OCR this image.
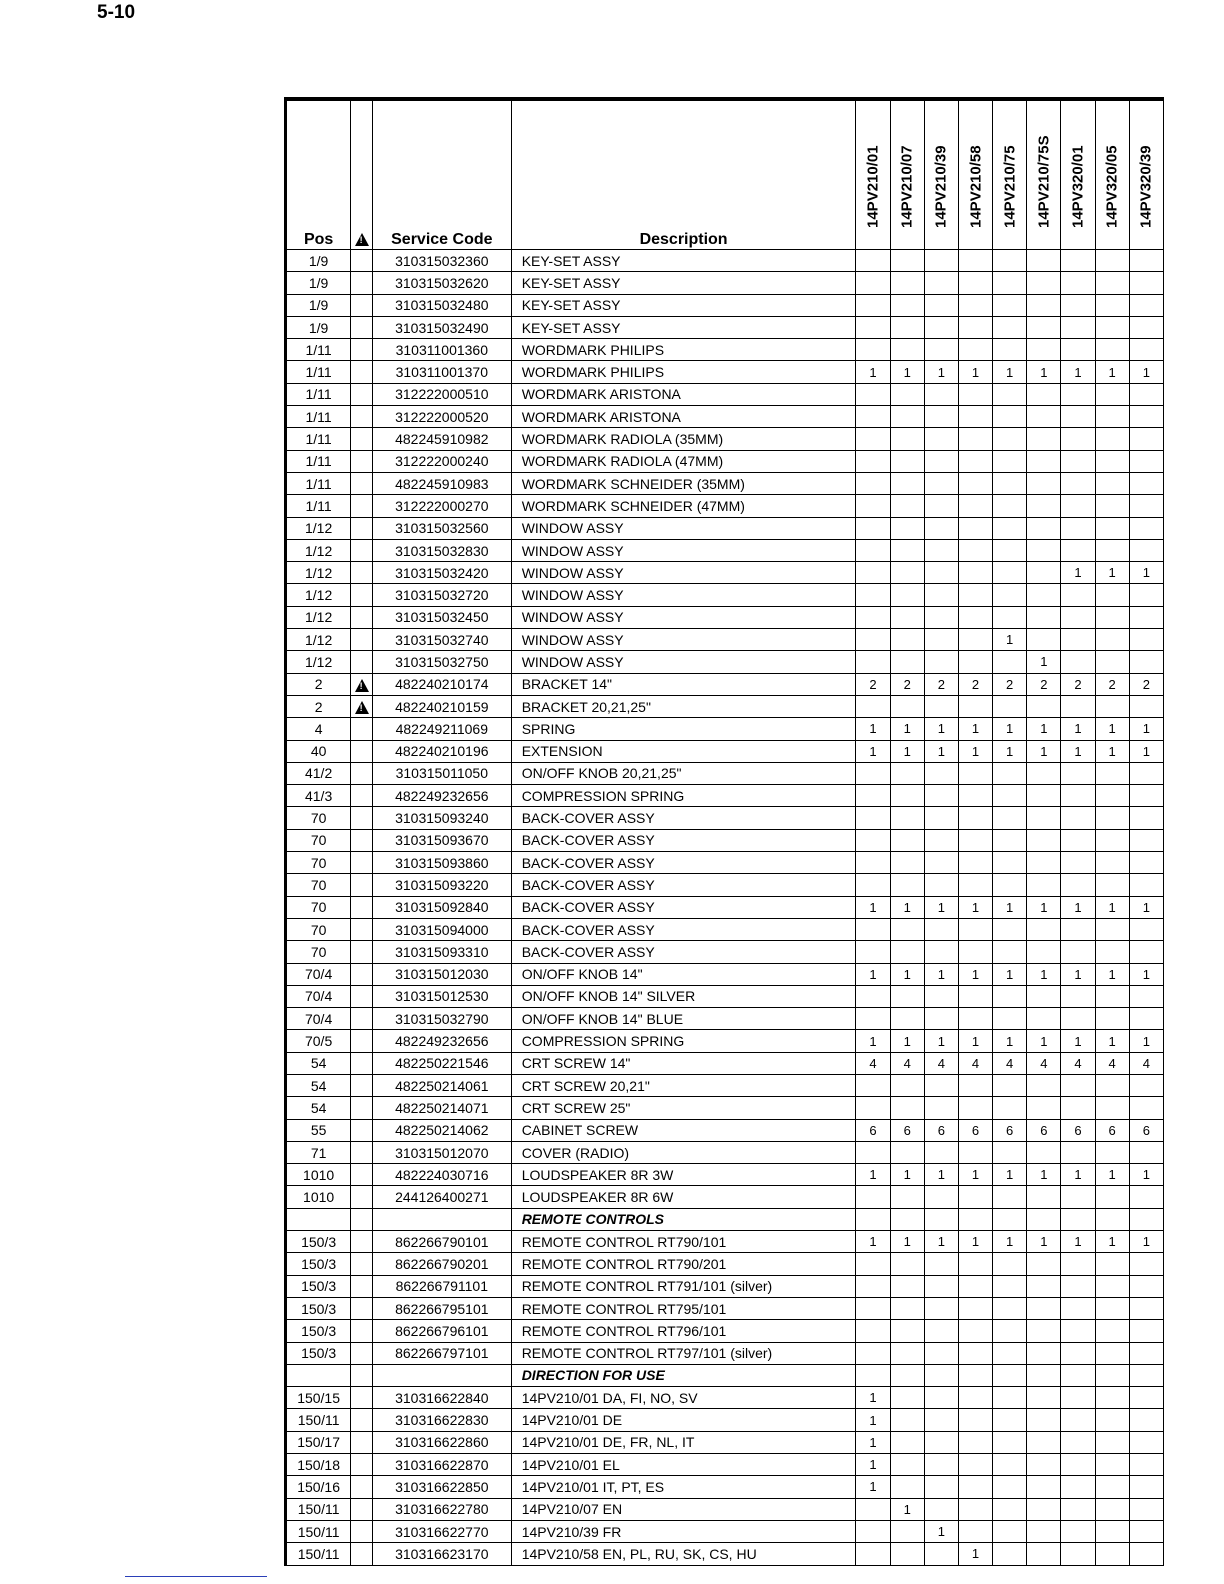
5-10
Pos	!	Service Code	Description	14PV210/01	14PV210/07	14PV210/39	14PV210/58	14PV210/75	14PV210/75S	14PV320/01	14PV320/05	14PV320/39

1/9		310315032360	KEY-SET ASSY									
1/9		310315032620	KEY-SET ASSY									
1/9		310315032480	KEY-SET ASSY									
1/9		310315032490	KEY-SET ASSY									
1/11		310311001360	WORDMARK PHILIPS									
1/11		310311001370	WORDMARK PHILIPS	1	1	1	1	1	1	1	1	1
1/11		312222000510	WORDMARK ARISTONA									
1/11		312222000520	WORDMARK ARISTONA									
1/11		482245910982	WORDMARK RADIOLA (35MM)									
1/11		312222000240	WORDMARK RADIOLA (47MM)									
1/11		482245910983	WORDMARK SCHNEIDER (35MM)									
1/11		312222000270	WORDMARK SCHNEIDER (47MM)									
1/12		310315032560	WINDOW ASSY									
1/12		310315032830	WINDOW ASSY									
1/12		310315032420	WINDOW ASSY							1	1	1
1/12		310315032720	WINDOW ASSY									
1/12		310315032450	WINDOW ASSY									
1/12		310315032740	WINDOW ASSY					1				
1/12		310315032750	WINDOW ASSY						1			
2	!	482240210174	BRACKET 14"	2	2	2	2	2	2	2	2	2
2	!	482240210159	BRACKET 20,21,25"									
4		482249211069	SPRING	1	1	1	1	1	1	1	1	1
40		482240210196	EXTENSION	1	1	1	1	1	1	1	1	1
41/2		310315011050	ON/OFF KNOB 20,21,25"									
41/3		482249232656	COMPRESSION SPRING									
70		310315093240	BACK-COVER ASSY									
70		310315093670	BACK-COVER ASSY									
70		310315093860	BACK-COVER ASSY									
70		310315093220	BACK-COVER ASSY									
70		310315092840	BACK-COVER ASSY	1	1	1	1	1	1	1	1	1
70		310315094000	BACK-COVER ASSY									
70		310315093310	BACK-COVER ASSY									
70/4		310315012030	ON/OFF KNOB 14"	1	1	1	1	1	1	1	1	1
70/4		310315012530	ON/OFF KNOB 14" SILVER									
70/4		310315032790	ON/OFF KNOB 14" BLUE									
70/5		482249232656	COMPRESSION SPRING	1	1	1	1	1	1	1	1	1
54		482250221546	CRT SCREW 14"	4	4	4	4	4	4	4	4	4
54		482250214061	CRT SCREW 20,21"									
54		482250214071	CRT SCREW 25"									
55		482250214062	CABINET SCREW	6	6	6	6	6	6	6	6	6
71		310315012070	COVER (RADIO)									
1010		482224030716	LOUDSPEAKER 8R 3W	1	1	1	1	1	1	1	1	1
1010		244126400271	LOUDSPEAKER 8R 6W									
			REMOTE CONTROLS									
150/3		862266790101	REMOTE CONTROL RT790/101	1	1	1	1	1	1	1	1	1
150/3		862266790201	REMOTE CONTROL RT790/201									
150/3		862266791101	REMOTE CONTROL RT791/101 (silver)									
150/3		862266795101	REMOTE CONTROL RT795/101									
150/3		862266796101	REMOTE CONTROL RT796/101									
150/3		862266797101	REMOTE CONTROL RT797/101 (silver)									
			DIRECTION FOR USE									
150/15		310316622840	14PV210/01 DA, FI, NO, SV	1								
150/11		310316622830	14PV210/01 DE	1								
150/17		310316622860	14PV210/01 DE, FR, NL, IT	1								
150/18		310316622870	14PV210/01 EL	1								
150/16		310316622850	14PV210/01 IT, PT, ES	1								
150/11		310316622780	14PV210/07 EN		1							
150/11		310316622770	14PV210/39 FR			1						
150/11		310316623170	14PV210/58 EN, PL, RU, SK, CS, HU				1					
